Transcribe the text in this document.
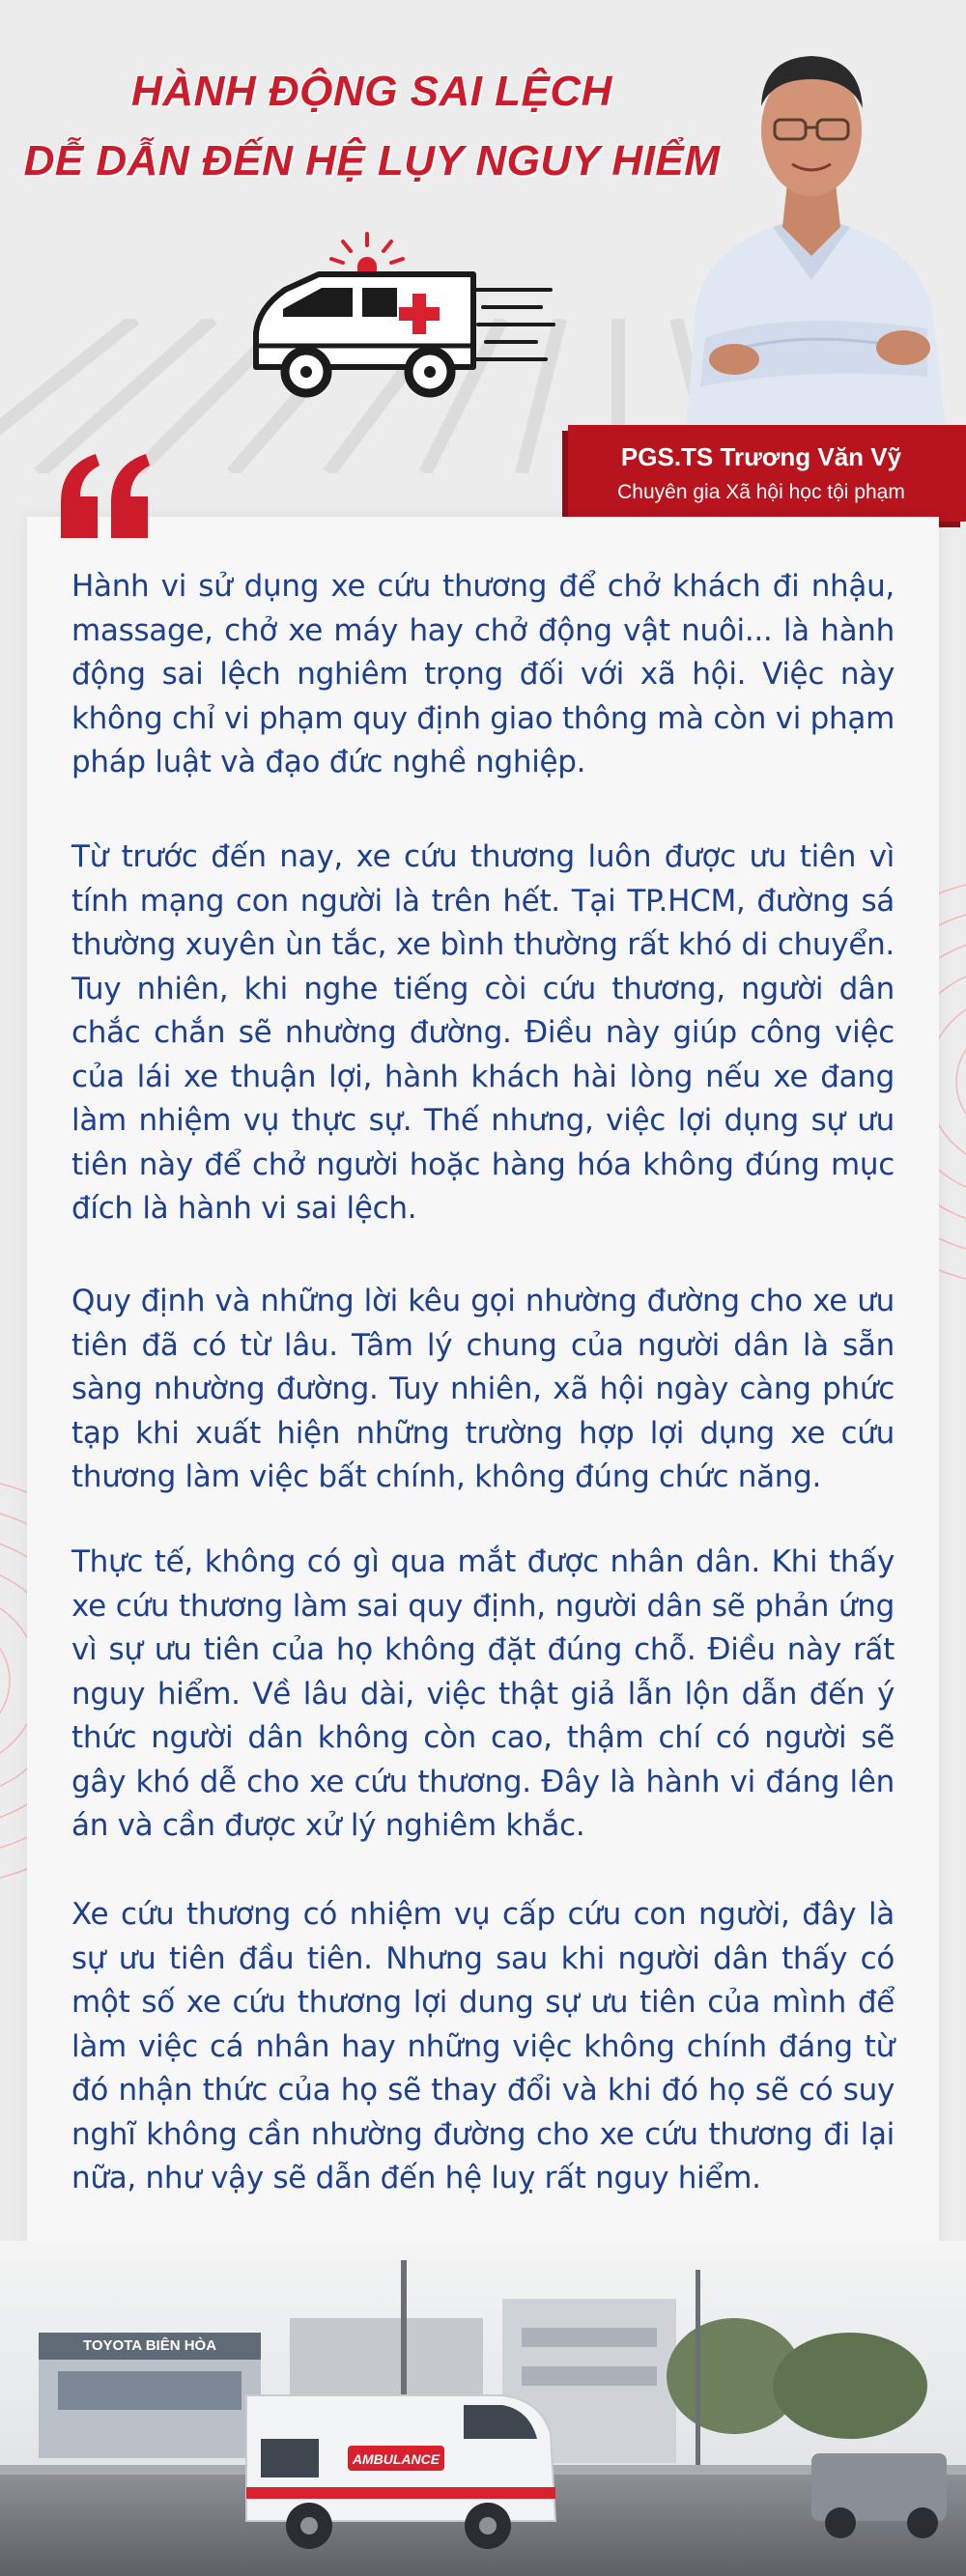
HÀNH ĐỘNG SAI LỆCH
DỄ DẪN ĐẾN HỆ LỤY NGUY HIỂM
PGS.TS Trương Văn Vỹ
Chuyên gia Xã hội học tội phạm

Hành vi sử dụng xe cứu thương để chở khách đi nhậu, massage, chở xe máy hay chở động vật nuôi... là hành động sai lệch nghiêm trọng đối với xã hội. Việc này không chỉ vi phạm quy định giao thông mà còn vi phạm pháp luật và đạo đức nghề nghiệp.

Từ trước đến nay, xe cứu thương luôn được ưu tiên vì tính mạng con người là trên hết. Tại TP.HCM, đường sá thường xuyên ùn tắc, xe bình thường rất khó di chuyển. Tuy nhiên, khi nghe tiếng còi cứu thương, người dân chắc chắn sẽ nhường đường. Điều này giúp công việc của lái xe thuận lợi, hành khách hài lòng nếu xe đang làm nhiệm vụ thực sự. Thế nhưng, việc lợi dụng sự ưu tiên này để chở người hoặc hàng hóa không đúng mục đích là hành vi sai lệch.

Quy định và những lời kêu gọi nhường đường cho xe ưu tiên đã có từ lâu. Tâm lý chung của người dân là sẵn sàng nhường đường. Tuy nhiên, xã hội ngày càng phức tạp khi xuất hiện những trường hợp lợi dụng xe cứu thương làm việc bất chính, không đúng chức năng.

Thực tế, không có gì qua mắt được nhân dân. Khi thấy xe cứu thương làm sai quy định, người dân sẽ phản ứng vì sự ưu tiên của họ không đặt đúng chỗ. Điều này rất nguy hiểm. Về lâu dài, việc thật giả lẫn lộn dẫn đến ý thức người dân không còn cao, thậm chí có người sẽ gây khó dễ cho xe cứu thương. Đây là hành vi đáng lên án và cần được xử lý nghiêm khắc.

Xe cứu thương có nhiệm vụ cấp cứu con người, đây là sự ưu tiên đầu tiên. Nhưng sau khi người dân thấy có một số xe cứu thương lợi dung sự ưu tiên của mình để làm việc cá nhân hay những việc không chính đáng từ đó nhận thức của họ sẽ thay đổi và khi đó họ sẽ có suy nghĩ không cần nhường đường cho xe cứu thương đi lại nữa, như vậy sẽ dẫn đến hệ luỵ rất nguy hiểm.

TOYOTA BIÊN HÒA
AMBULANCE
